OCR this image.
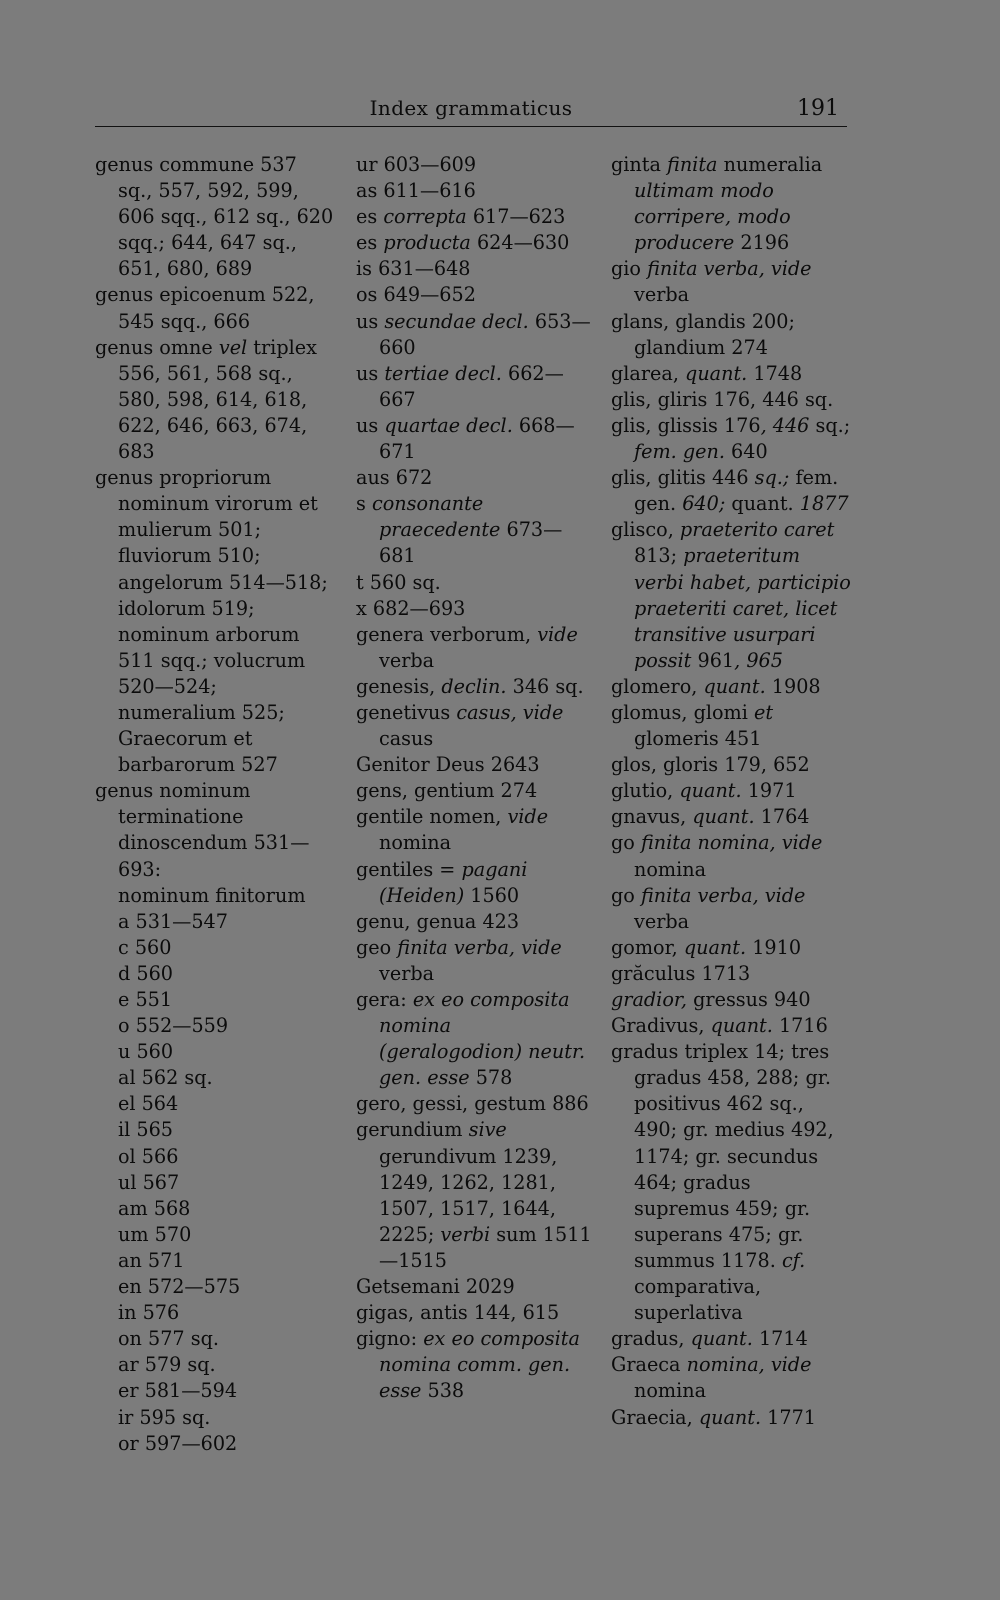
Index grammaticus	191
genus commune 537 sq., 557, 592, 599, 606 sqq., 612 sq., 620 sqq.; 644, 647 sq., 651, 680, 689
genus epicoenum 522, 545 sqq., 666
genus omne vel triplex 556, 561, 568 sq., 580, 598, 614, 618, 622, 646, 663, 674, 683
genus propriorum nominum virorum et mulierum 501; fluviorum 510; angelorum 514—518; idolorum 519; nominum arborum 511 sqq.; volucrum 520—524; numeralium 525; Graecorum et barbarorum 527
genus nominum terminatione dinoscendum 531—693:
nominum finitorum
a 531—547
c 560
d 560
e 551
o 552—559
u 560
al 562 sq.
el 564
il 565
ol 566
ul 567
am 568
um 570
an 571
en 572—575
in 576
on 577 sq.
ar 579 sq.
er 581—594
ir 595 sq.
or 597—602
ur 603—609
as 611—616
es correpta 617—623
es producta 624—630
is 631—648
os 649—652
us secundae decl. 653—660
us tertiae decl. 662—667
us quartae decl. 668—671
aus 672
s consonante praecedente 673—681
t 560 sq.
x 682—693
genera verborum, vide verba
genesis, declin. 346 sq.
genetivus casus, vide casus
Genitor Deus 2643
gens, gentium 274
gentile nomen, vide nomina
gentiles = pagani (Heiden) 1560
genu, genua 423
geo finita verba, vide verba
gera: ex eo composita nomina (geralogodion) neutr. gen. esse 578
gero, gessi, gestum 886
gerundium sive gerundivum 1239, 1249, 1262, 1281, 1507, 1517, 1644, 2225; verbi sum 1511—1515
Getsemani 2029
gigas, antis 144, 615
gigno: ex eo composita nomina comm. gen. esse 538
ginta finita numeralia ultimam modo corripere, modo producere 2196
gio finita verba, vide verba
glans, glandis 200; glandium 274
glarea, quant. 1748
glis, gliris 176, 446 sq.
glis, glissis 176, 446 sq.; fem. gen. 640
glis, glitis 446 sq.; fem. gen. 640; quant. 1877
glisco, praeterito caret 813; praeteritum verbi habet, participio praeteriti caret, licet transitive usurpari possit 961, 965
glomero, quant. 1908
glomus, glomi et glomeris 451
glos, gloris 179, 652
glutio, quant. 1971
gnavus, quant. 1764
go finita nomina, vide nomina
go finita verba, vide verba
gomor, quant. 1910
grăculus 1713
gradior, gressus 940
Gradivus, quant. 1716
gradus triplex 14; tres gradus 458, 288; gr. positivus 462 sq., 490; gr. medius 492, 1174; gr. secundus 464; gradus supremus 459; gr. superans 475; gr. summus 1178. cf. comparativa, superlativa
gradus, quant. 1714
Graeca nomina, vide nomina
Graecia, quant. 1771
